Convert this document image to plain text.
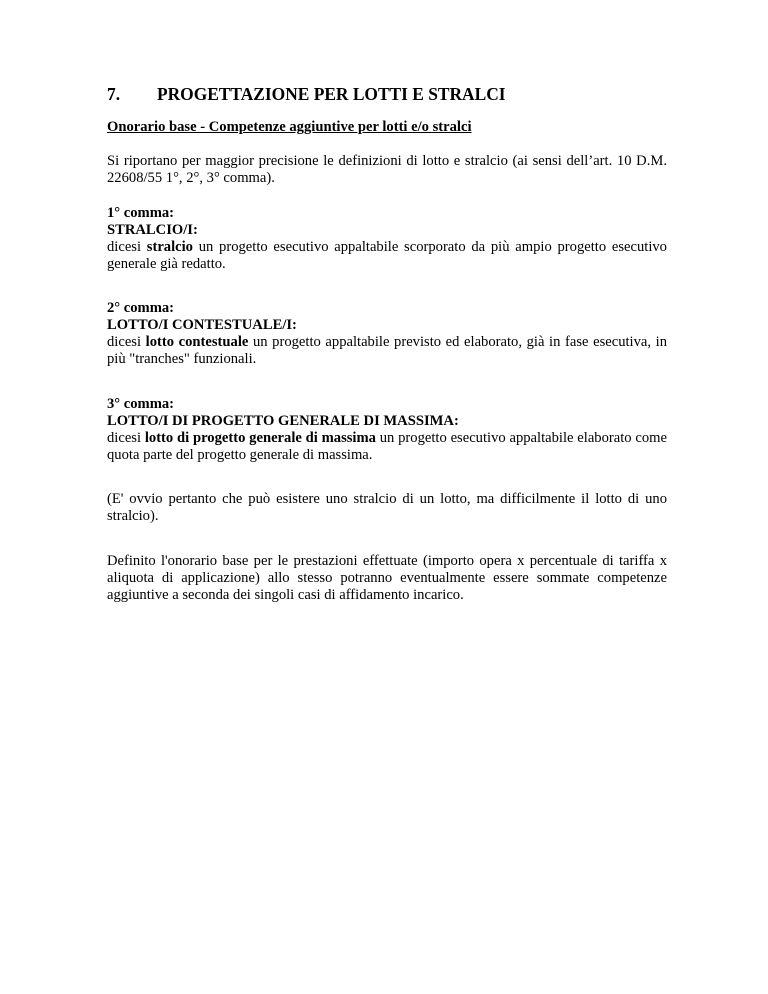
7. PROGETTAZIONE PER LOTTI E STRALCI
Onorario base - Competenze aggiuntive per lotti e/o stralci

Si riportano per maggior precisione le definizioni di lotto e stralcio (ai sensi dell’art. 10 D.M. 22608/55 1°, 2°, 3° comma).

1° comma:

STRALCIO/I:

dicesi stralcio un progetto esecutivo appaltabile scorporato da più ampio progetto esecutivo generale già redatto.

2° comma:

LOTTO/I CONTESTUALE/I:

dicesi lotto contestuale un progetto appaltabile previsto ed elaborato, già in fase esecutiva, in più "tranches" funzionali.

3° comma:

LOTTO/I DI PROGETTO GENERALE DI MASSIMA:

dicesi lotto di progetto generale di massima un progetto esecutivo appaltabile elaborato come quota parte del progetto generale di massima.

(E' ovvio pertanto che può esistere uno stralcio di un lotto, ma difficilmente il lotto di uno stralcio).

Definito l'onorario base per le prestazioni effettuate (importo opera x percentuale di tariffa x aliquota di applicazione) allo stesso potranno eventualmente essere sommate competenze aggiuntive a seconda dei singoli casi di affidamento incarico.
